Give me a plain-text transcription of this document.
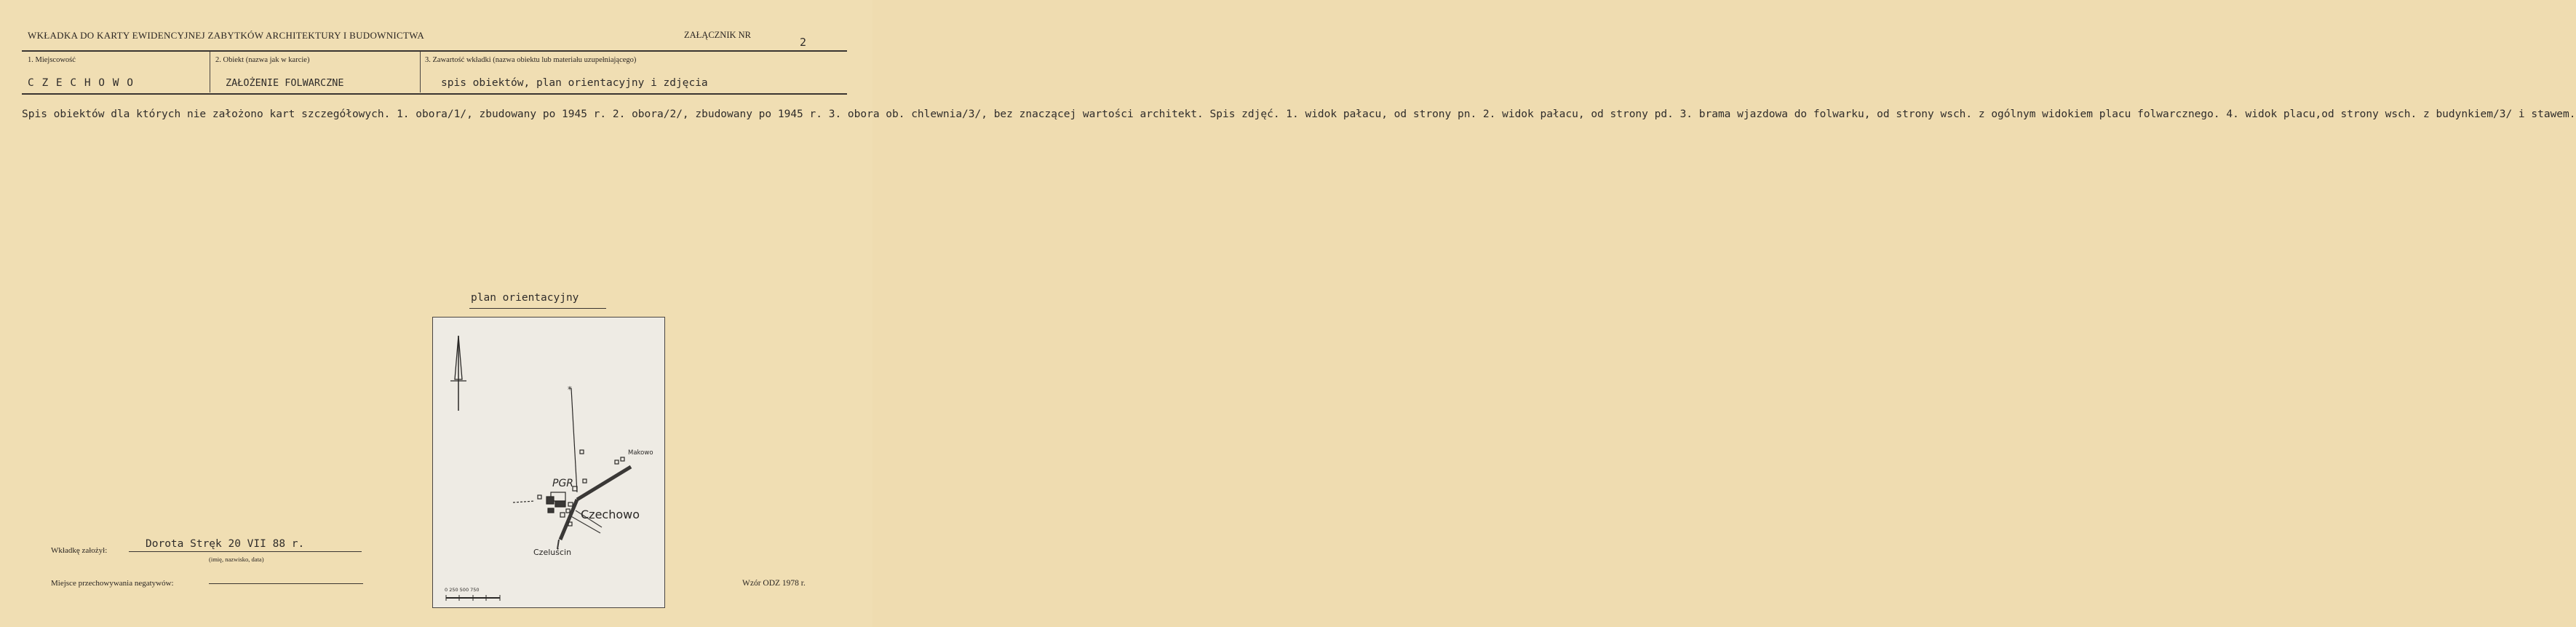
WKŁADKA DO KARTY EWIDENCYJNEJ ZABYTKÓW ARCHITEKTURY I BUDOWNICTWA	ZAŁĄCZNIK NR
2
1. Miejscowość	2. Obiekt (nazwa jak w karcie)	3. Zawartość wkładki (nazwa obiektu lub materiału uzupełniającego)
C Z E C H O W O	ZAŁOŻENIE FOLWARCZNE	spis obiektów, plan orientacyjny i zdjęcia
Spis obiektów dla których nie założono kart szczegółowych. 1. obora/1/, zbudowany po 1945 r. 2. obora/2/, zbudowany po 1945 r. 3. obora ob. chlewnia/3/, bez znaczącej wartości architekt. Spis zdjęć. 1. widok pałacu, od strony pn. 2. widok pałacu, od strony pd. 3. brama wjazdowa do folwarku, od strony wsch. z ogólnym widokiem placu folwarcznego. 4. widok placu,od strony wsch. z budynkiem/3/ i stawem.
plan orientacyjny
*
PGR
Czechowo
Czeluścin
Makowo
0 250 500 750
Wkładkę założył:
Dorota Stręk 20 VII 88 r.
(imię, nazwisko, data)
Miejsce przechowywania negatywów:	Wzór ODZ 1978 r.
